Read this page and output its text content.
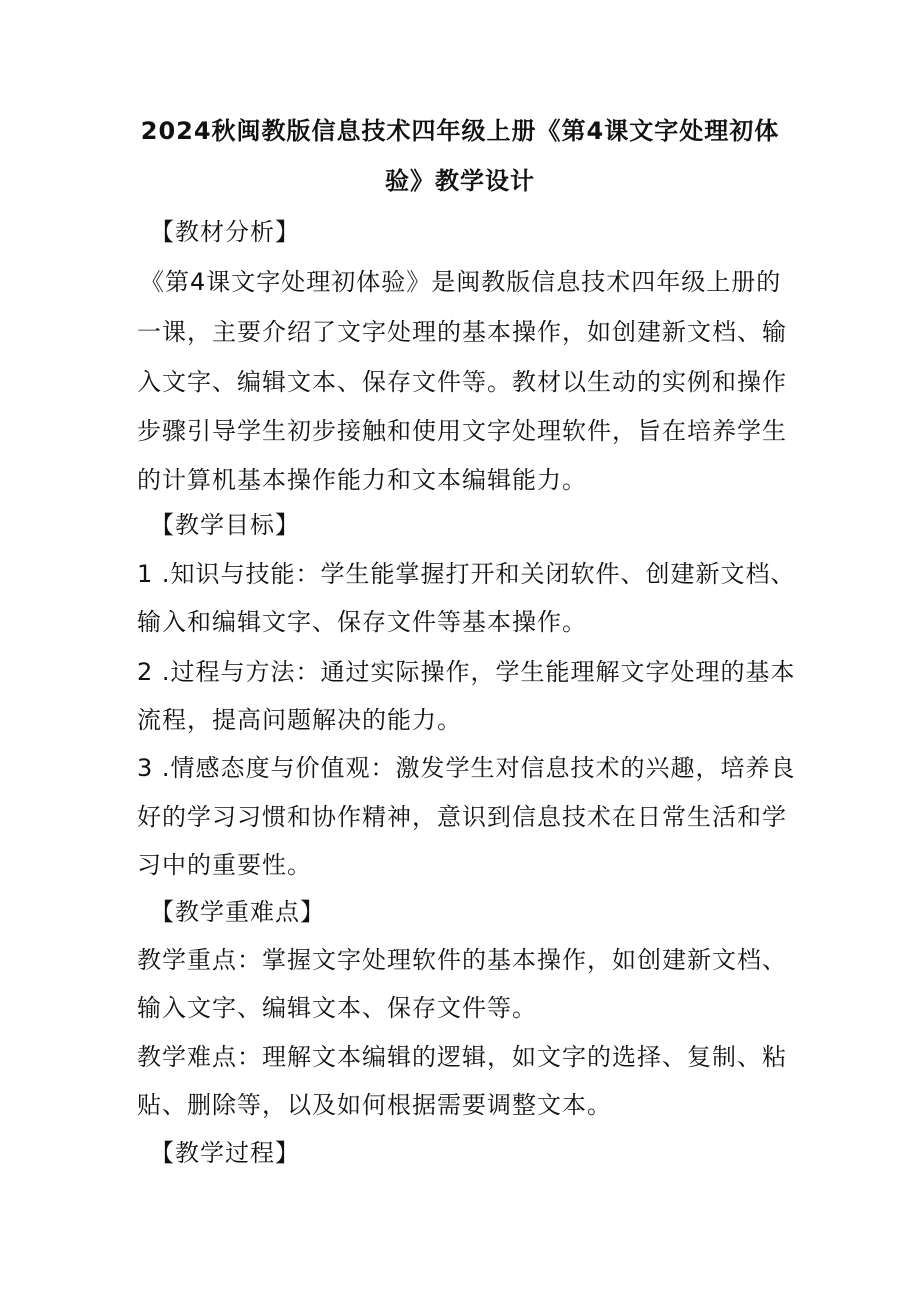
2024秋闽教版信息技术四年级上册《第4课文字处理初体
验》教学设计
【教材分析】
《第4课文字处理初体验》是闽教版信息技术四年级上册的
一课，主要介绍了文字处理的基本操作，如创建新文档、输
入文字、编辑文本、保存文件等。教材以生动的实例和操作
步骤引导学生初步接触和使用文字处理软件，旨在培养学生
的计算机基本操作能力和文本编辑能力。
【教学目标】
1 .知识与技能：学生能掌握打开和关闭软件、创建新文档、
输入和编辑文字、保存文件等基本操作。
2 .过程与方法：通过实际操作，学生能理解文字处理的基本
流程，提高问题解决的能力。
3 .情感态度与价值观：激发学生对信息技术的兴趣，培养良
好的学习习惯和协作精神，意识到信息技术在日常生活和学
习中的重要性。
【教学重难点】
教学重点：掌握文字处理软件的基本操作，如创建新文档、
输入文字、编辑文本、保存文件等。
教学难点：理解文本编辑的逻辑，如文字的选择、复制、粘
贴、删除等，以及如何根据需要调整文本。
【教学过程】
